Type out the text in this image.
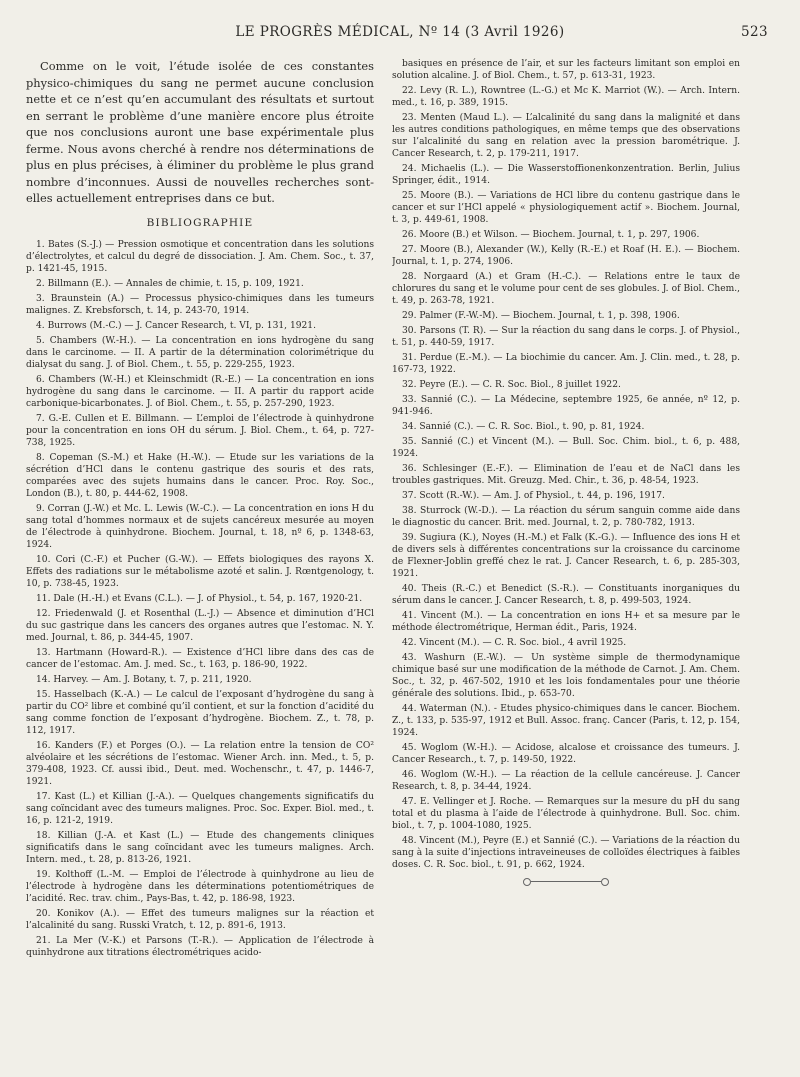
LE PROGRÈS MÉDICAL, Nº 14 (3 Avril 1926)	523

Comme on le voit, l’étude isolée de ces constantes physico-chimiques du sang ne permet aucune conclusion nette et ce n’est qu’en accumulant des résultats et surtout en serrant le problème d’une manière encore plus étroite que nos conclusions auront une base expérimentale plus ferme. Nous avons cherché à rendre nos déterminations de plus en plus précises, à éliminer du problème le plus grand nombre d’inconnues. Aussi de nouvelles recherches sont-elles actuellement entreprises dans ce but.

BIBLIOGRAPHIE

1. Bates (S.-J.) — Pression osmotique et concentration dans les solutions d’électrolytes, et calcul du degré de dissociation. J. Am. Chem. Soc., t. 37, p. 1421-45, 1915.

2. Billmann (E.). — Annales de chimie, t. 15, p. 109, 1921.

3. Braunstein (A.) — Processus physico-chimiques dans les tumeurs malignes. Z. Krebsforsch, t. 14, p. 243-70, 1914.

4. Burrows (M.-C.) — J. Cancer Research, t. VI, p. 131, 1921.

5. Chambers (W.-H.). — La concentration en ions hydrogène du sang dans le carcinome. — II. A partir de la détermination colorimétrique du dialysat du sang. J. of Biol. Chem., t. 55, p. 229-255, 1923.

6. Chambers (W.-H.) et Kleinschmidt (R.-E.) — La concentration en ions hydrogène du sang dans le carcinome. — II. A partir du rapport acide carbonique-bicarbonates. J. of Biol. Chem., t. 55, p. 257-290, 1923.

7. G.-E. Cullen et E. Billmann. — L’emploi de l’électrode à quinhydrone pour la concentration en ions OH du sérum. J. Biol. Chem., t. 64, p. 727-738, 1925.

8. Copeman (S.-M.) et Hake (H.-W.). — Etude sur les variations de la sécrétion d’HCl dans le contenu gastrique des souris et des rats, comparées avec des sujets humains dans le cancer. Proc. Roy. Soc., London (B.), t. 80, p. 444-62, 1908.

9. Corran (J.-W.) et Mc. L. Lewis (W.-C.). — La concentration en ions H du sang total d’hommes normaux et de sujets cancéreux mesurée au moyen de l’électrode à quinhydrone. Biochem. Journal, t. 18, nº 6, p. 1348-63, 1924.

10. Cori (C.-F.) et Pucher (G.-W.). — Effets biologiques des rayons X. Effets des radiations sur le métabolisme azoté et salin. J. Rœntgenology, t. 10, p. 738-45, 1923.

11. Dale (H.-H.) et Evans (C.L.). — J. of Physiol., t. 54, p. 167, 1920-21.

12. Friedenwald (J. et Rosenthal (L.-J.) — Absence et diminution d’HCl du suc gastrique dans les cancers des organes autres que l’estomac. N. Y. med. Journal, t. 86, p. 344-45, 1907.

13. Hartmann (Howard-R.). — Existence d’HCl libre dans des cas de cancer de l’estomac. Am. J. med. Sc., t. 163, p. 186-90, 1922.

14. Harvey. — Am. J. Botany, t. 7, p. 211, 1920.

15. Hasselbach (K.-A.) — Le calcul de l’exposant d’hydrogène du sang à partir du CO² libre et combiné qu’il contient, et sur la fonction d’acidité du sang comme fonction de l’exposant d’hydrogène. Biochem. Z., t. 78, p. 112, 1917.

16. Kanders (F.) et Porges (O.). — La relation entre la tension de CO² alvéolaire et les sécrétions de l’estomac. Wiener Arch. inn. Med., t. 5, p. 379-408, 1923. Cf. aussi ibid., Deut. med. Wochenschr., t. 47, p. 1446-7, 1921.

17. Kast (L.) et Killian (J.-A.). — Quelques changements significatifs du sang coïncidant avec des tumeurs malignes. Proc. Soc. Exper. Biol. med., t. 16, p. 121-2, 1919.

18. Killian (J.-A. et Kast (L.) — Etude des changements cliniques significatifs dans le sang coïncidant avec les tumeurs malignes. Arch. Intern. med., t. 28, p. 813-26, 1921.

19. Kolthoff (L.-M. — Emploi de l’électrode à quinhydrone au lieu de l’électrode à hydrogène dans les déterminations potentiométriques de l’acidité. Rec. trav. chim., Pays-Bas, t. 42, p. 186-98, 1923.

20. Konikov (A.). — Effet des tumeurs malignes sur la réaction et l’alcalinité du sang. Russki Vratch, t. 12, p. 891-6, 1913.

21. La Mer (V.-K.) et Parsons (T.-R.). — Application de l’électrode à quinhydrone aux titrations électrométriques acido-

basiques en présence de l’air, et sur les facteurs limitant son emploi en solution alcaline. J. of Biol. Chem., t. 57, p. 613-31, 1923.

22. Levy (R. L.), Rowntree (L.-G.) et Mc K. Marriot (W.). — Arch. Intern. med., t. 16, p. 389, 1915.

23. Menten (Maud L.). — L’alcalinité du sang dans la malignité et dans les autres conditions pathologiques, en même temps que des observations sur l’alcalinité du sang en relation avec la pression barométrique. J. Cancer Research, t. 2, p. 179-211, 1917.

24. Michaelis (L.). — Die Wasserstoffionenkonzentration. Berlin, Julius Springer, édit., 1914.

25. Moore (B.). — Variations de HCl libre du contenu gastrique dans le cancer et sur l’HCl appelé « physiologiquement actif ». Biochem. Journal, t. 3, p. 449-61, 1908.

26. Moore (B.) et Wilson. — Biochem. Journal, t. 1, p. 297, 1906.

27. Moore (B.), Alexander (W.), Kelly (R.-E.) et Roaf (H. E.). — Biochem. Journal, t. 1, p. 274, 1906.

28. Norgaard (A.) et Gram (H.-C.). — Relations entre le taux de chlorures du sang et le volume pour cent de ses globules. J. of Biol. Chem., t. 49, p. 263-78, 1921.

29. Palmer (F.-W.-M). — Biochem. Journal, t. 1, p. 398, 1906.

30. Parsons (T. R). — Sur la réaction du sang dans le corps. J. of Physiol., t. 51, p. 440-59, 1917.

31. Perdue (E.-M.). — La biochimie du cancer. Am. J. Clin. med., t. 28, p. 167-73, 1922.

32. Peyre (E.). — C. R. Soc. Biol., 8 juillet 1922.

33. Sannié (C.). — La Médecine, septembre 1925, 6e année, nº 12, p. 941-946.

34. Sannié (C.). — C. R. Soc. Biol., t. 90, p. 81, 1924.

35. Sannié (C.) et Vincent (M.). — Bull. Soc. Chim. biol., t. 6, p. 488, 1924.

36. Schlesinger (E.-F.). — Elimination de l’eau et de NaCl dans les troubles gastriques. Mit. Greuzg. Med. Chir., t. 36, p. 48-54, 1923.

37. Scott (R.-W.). — Am. J. of Physiol., t. 44, p. 196, 1917.

38. Sturrock (W.-D.). — La réaction du sérum sanguin comme aide dans le diagnostic du cancer. Brit. med. Journal, t. 2, p. 780-782, 1913.

39. Sugiura (K.), Noyes (H.-M.) et Falk (K.-G.). — Influence des ions H et de divers sels à différentes concentrations sur la croissance du carcinome de Flexner-Joblin greffé chez le rat. J. Cancer Research, t. 6, p. 285-303, 1921.

40. Theis (R.-C.) et Benedict (S.-R.). — Constituants inorganiques du sérum dans le cancer. J. Cancer Research, t. 8, p. 499-503, 1924.

41. Vincent (M.). — La concentration en ions H+ et sa mesure par le méthode électrométrique, Herman édit., Paris, 1924.

42. Vincent (M.). — C. R. Soc. biol., 4 avril 1925.

43. Washurn (E.-W.). — Un système simple de thermodynamique chimique basé sur une modification de la méthode de Carnot. J. Am. Chem. Soc., t. 32, p. 467-502, 1910 et les lois fondamentales pour une théorie générale des solutions. Ibid., p. 653-70.

44. Waterman (N.). - Etudes physico-chimiques dans le cancer. Biochem. Z., t. 133, p. 535-97, 1912 et Bull. Assoc. franç. Cancer (Paris, t. 12, p. 154, 1924.

45. Woglom (W.-H.). — Acidose, alcalose et croissance des tumeurs. J. Cancer Research., t. 7, p. 149-50, 1922.

46. Woglom (W.-H.). — La réaction de la cellule cancéreuse. J. Cancer Research, t. 8, p. 34-44, 1924.

47. E. Vellinger et J. Roche. — Remarques sur la mesure du pH du sang total et du plasma à l’aide de l’électrode à quinhydrone. Bull. Soc. chim. biol., t. 7, p. 1004-1080, 1925.

48. Vincent (M.), Peyre (E.) et Sannié (C.). — Variations de la réaction du sang à la suite d’injections intraveineuses de colloïdes électriques à faibles doses. C. R. Soc. biol., t. 91, p. 662, 1924.
